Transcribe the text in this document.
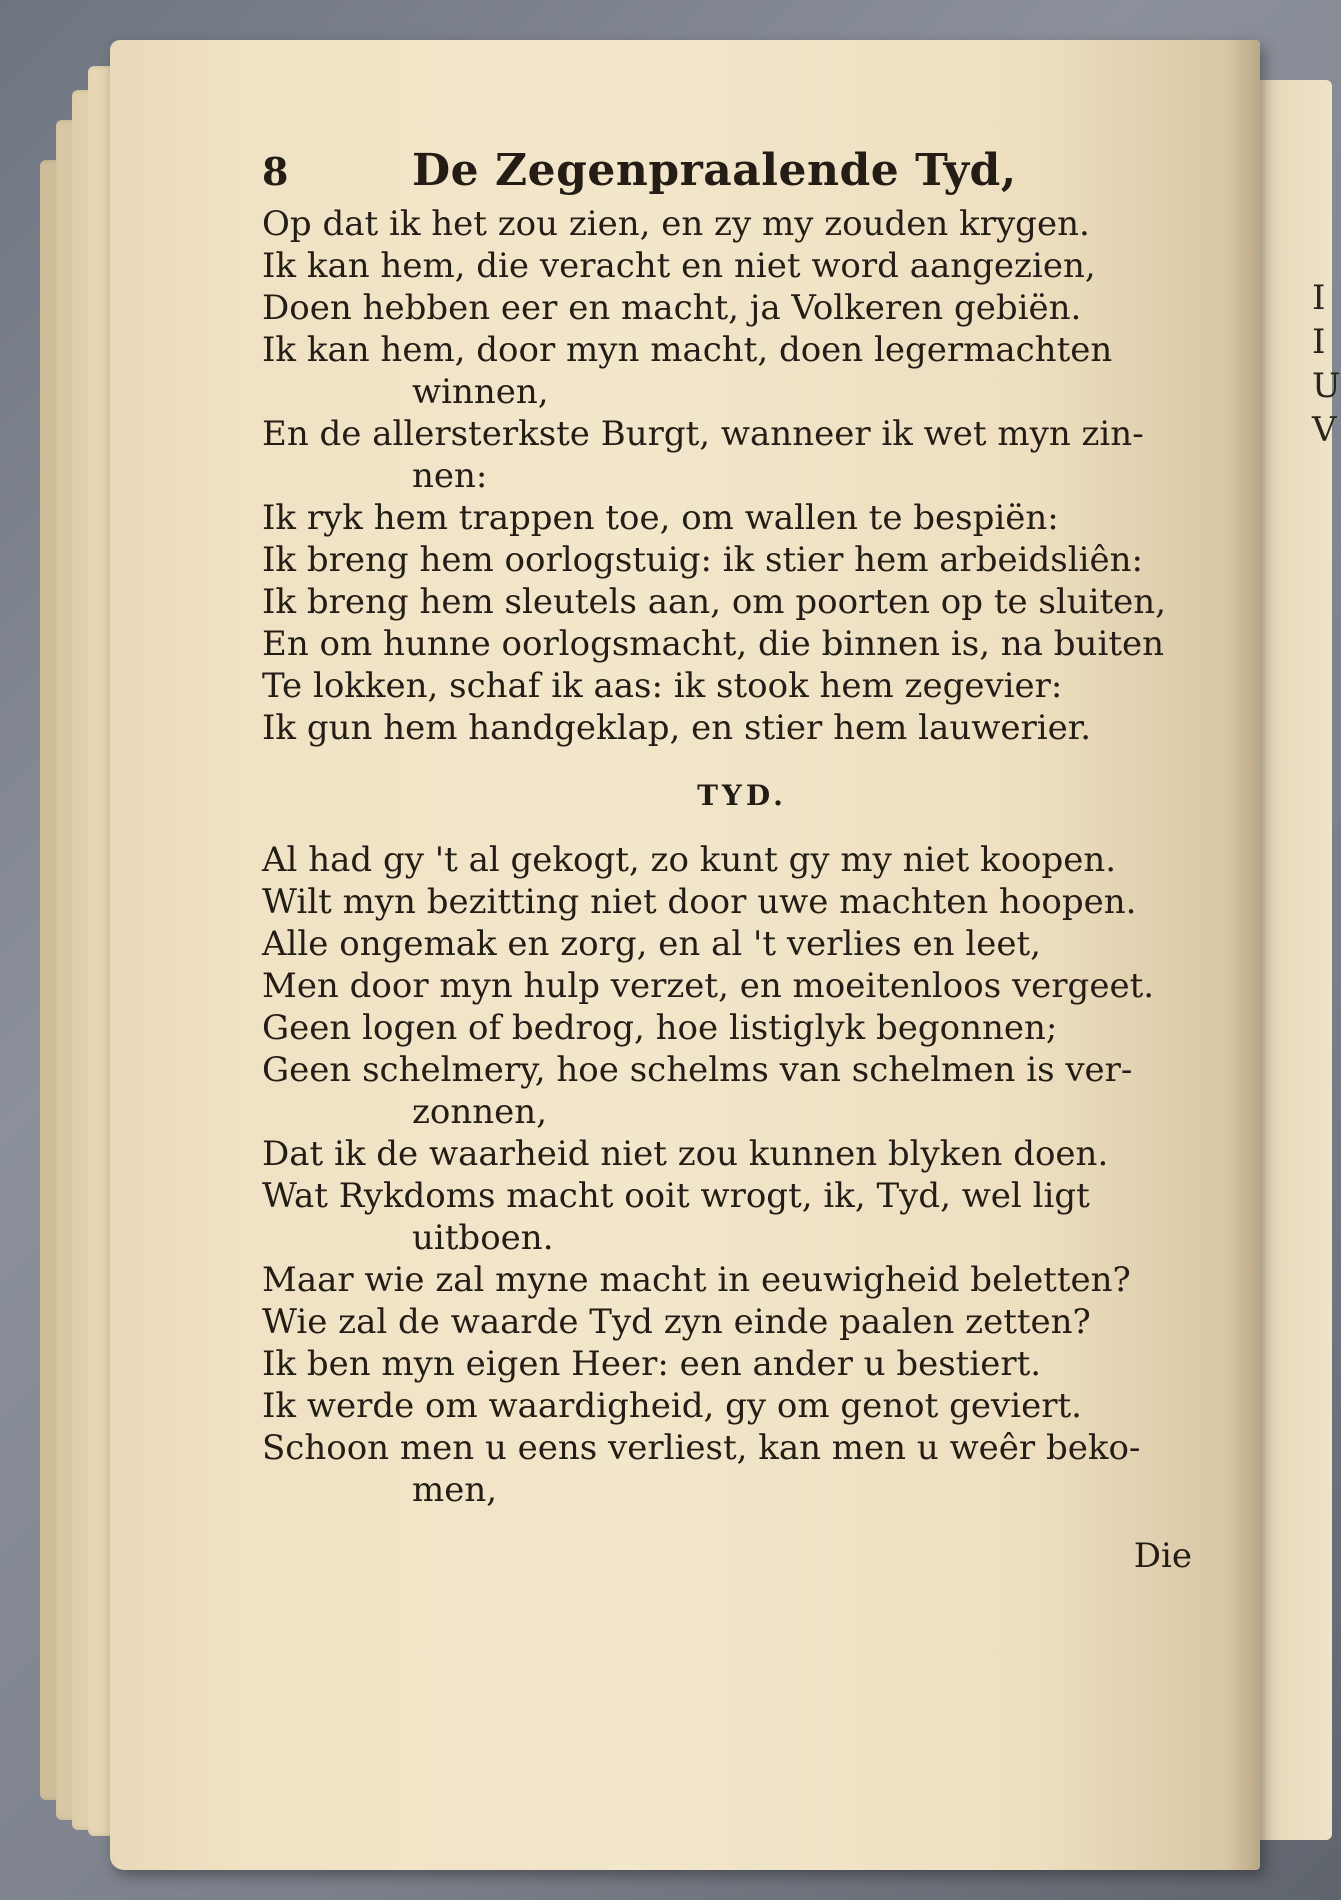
I
I
U
V
8	De Zegenpraalende Tyd,
Op dat ik het zou zien, en zy my zouden krygen.
Ik kan hem, die veracht en niet word aangezien,
Doen hebben eer en macht, ja Volkeren gebiën.
Ik kan hem, door myn macht, doen legermachten
winnen,
En de allersterkste Burgt, wanneer ik wet myn zin-
nen:
Ik ryk hem trappen toe, om wallen te bespiën:
Ik breng hem oorlogstuig: ik stier hem arbeidsliên:
Ik breng hem sleutels aan, om poorten op te sluiten,
En om hunne oorlogsmacht, die binnen is, na buiten
Te lokken, schaf ik aas: ik stook hem zegevier:
Ik gun hem handgeklap, en stier hem lauwerier.
TYD.
Al had gy 't al gekogt, zo kunt gy my niet koopen.
Wilt myn bezitting niet door uwe machten hoopen.
Alle ongemak en zorg, en al 't verlies en leet,
Men door myn hulp verzet, en moeitenloos vergeet.
Geen logen of bedrog, hoe listiglyk begonnen;
Geen schelmery, hoe schelms van schelmen is ver-
zonnen,
Dat ik de waarheid niet zou kunnen blyken doen.
Wat Rykdoms macht ooit wrogt, ik, Tyd, wel ligt
uitboen.
Maar wie zal myne macht in eeuwigheid beletten?
Wie zal de waarde Tyd zyn einde paalen zetten?
Ik ben myn eigen Heer: een ander u bestiert.
Ik werde om waardigheid, gy om genot geviert.
Schoon men u eens verliest, kan men u weêr beko-
men,
Die
